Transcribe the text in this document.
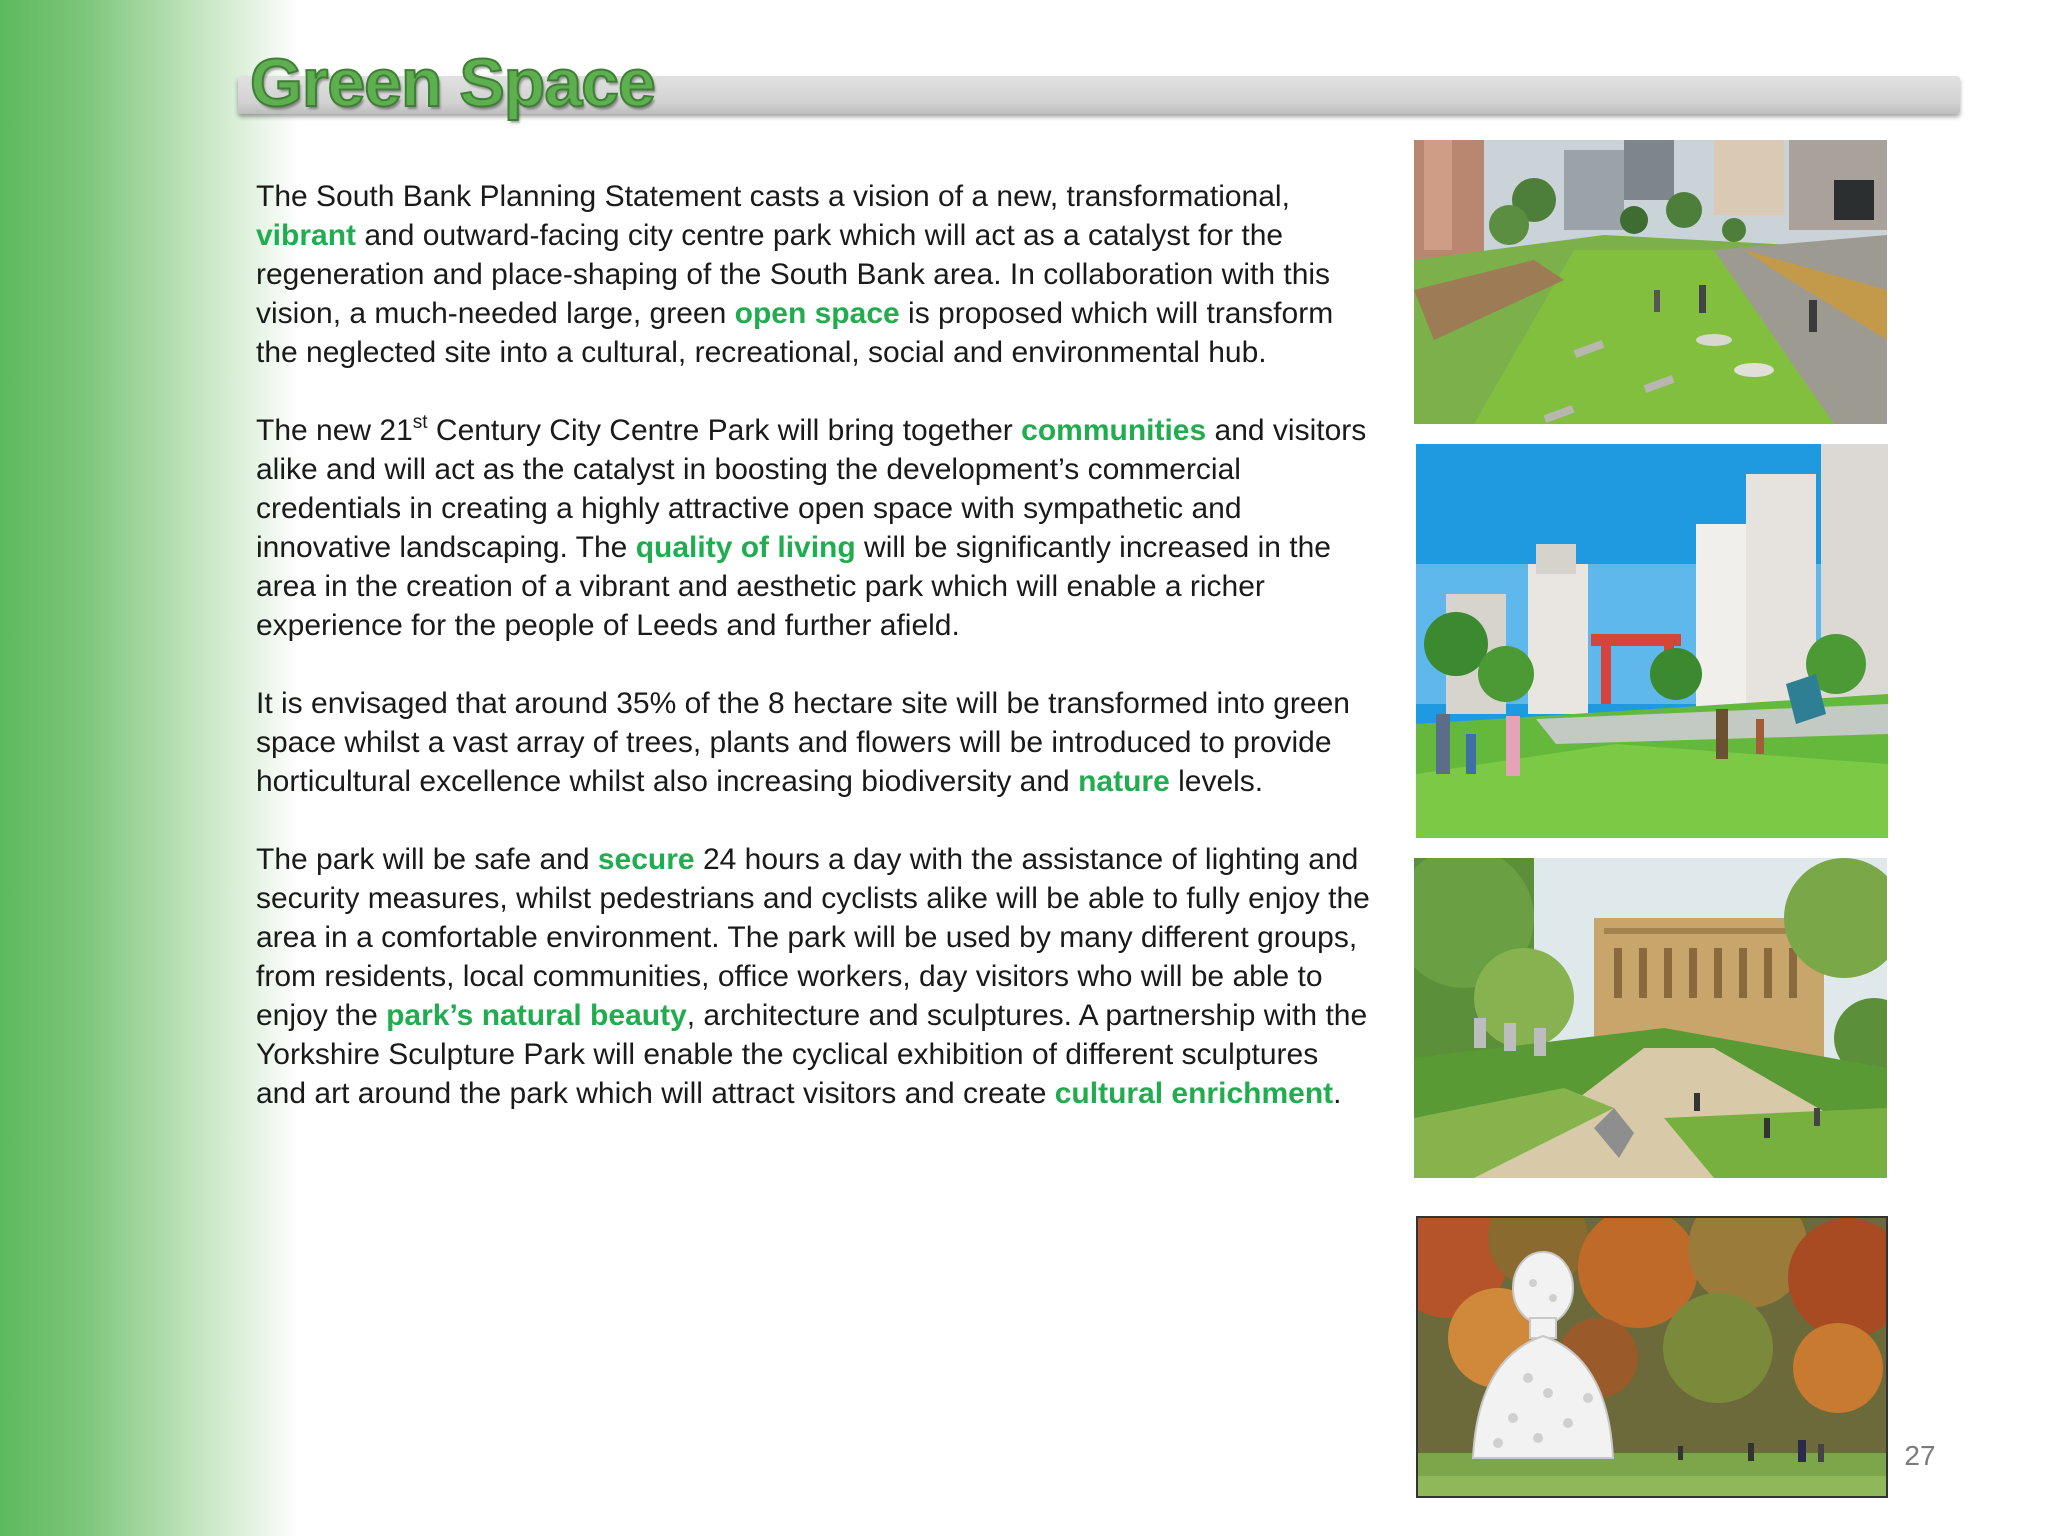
Green Space

The South Bank Planning Statement casts a vision of a new, transformational, vibrant and outward-facing city centre park which will act as a catalyst for the regeneration and place-shaping of the South Bank area. In collaboration with this vision, a much-needed large, green open space is proposed which will transform the neglected site into a cultural, recreational, social and environmental hub.

The new 21st Century City Centre Park will bring together communities and visitors alike and will act as the catalyst in boosting the development’s commercial credentials in creating a highly attractive open space with sympathetic and innovative landscaping. The quality of living will be significantly increased in the area in the creation of a vibrant and aesthetic park which will enable a richer experience for the people of Leeds and further afield.

It is envisaged that around 35% of the 8 hectare site will be transformed into green space whilst a vast array of trees, plants and flowers will be introduced to provide horticultural excellence whilst also increasing biodiversity and nature levels.

The park will be safe and secure 24 hours a day with the assistance of lighting and security measures, whilst pedestrians and cyclists alike will be able to fully enjoy the area in a comfortable environment. The park will be used by many different groups, from residents, local communities, office workers, day visitors who will be able to enjoy the park’s natural beauty, architecture and sculptures. A partnership with the Yorkshire Sculpture Park will enable the cyclical exhibition of different sculptures and art around the park which will attract visitors and create cultural enrichment.

27
